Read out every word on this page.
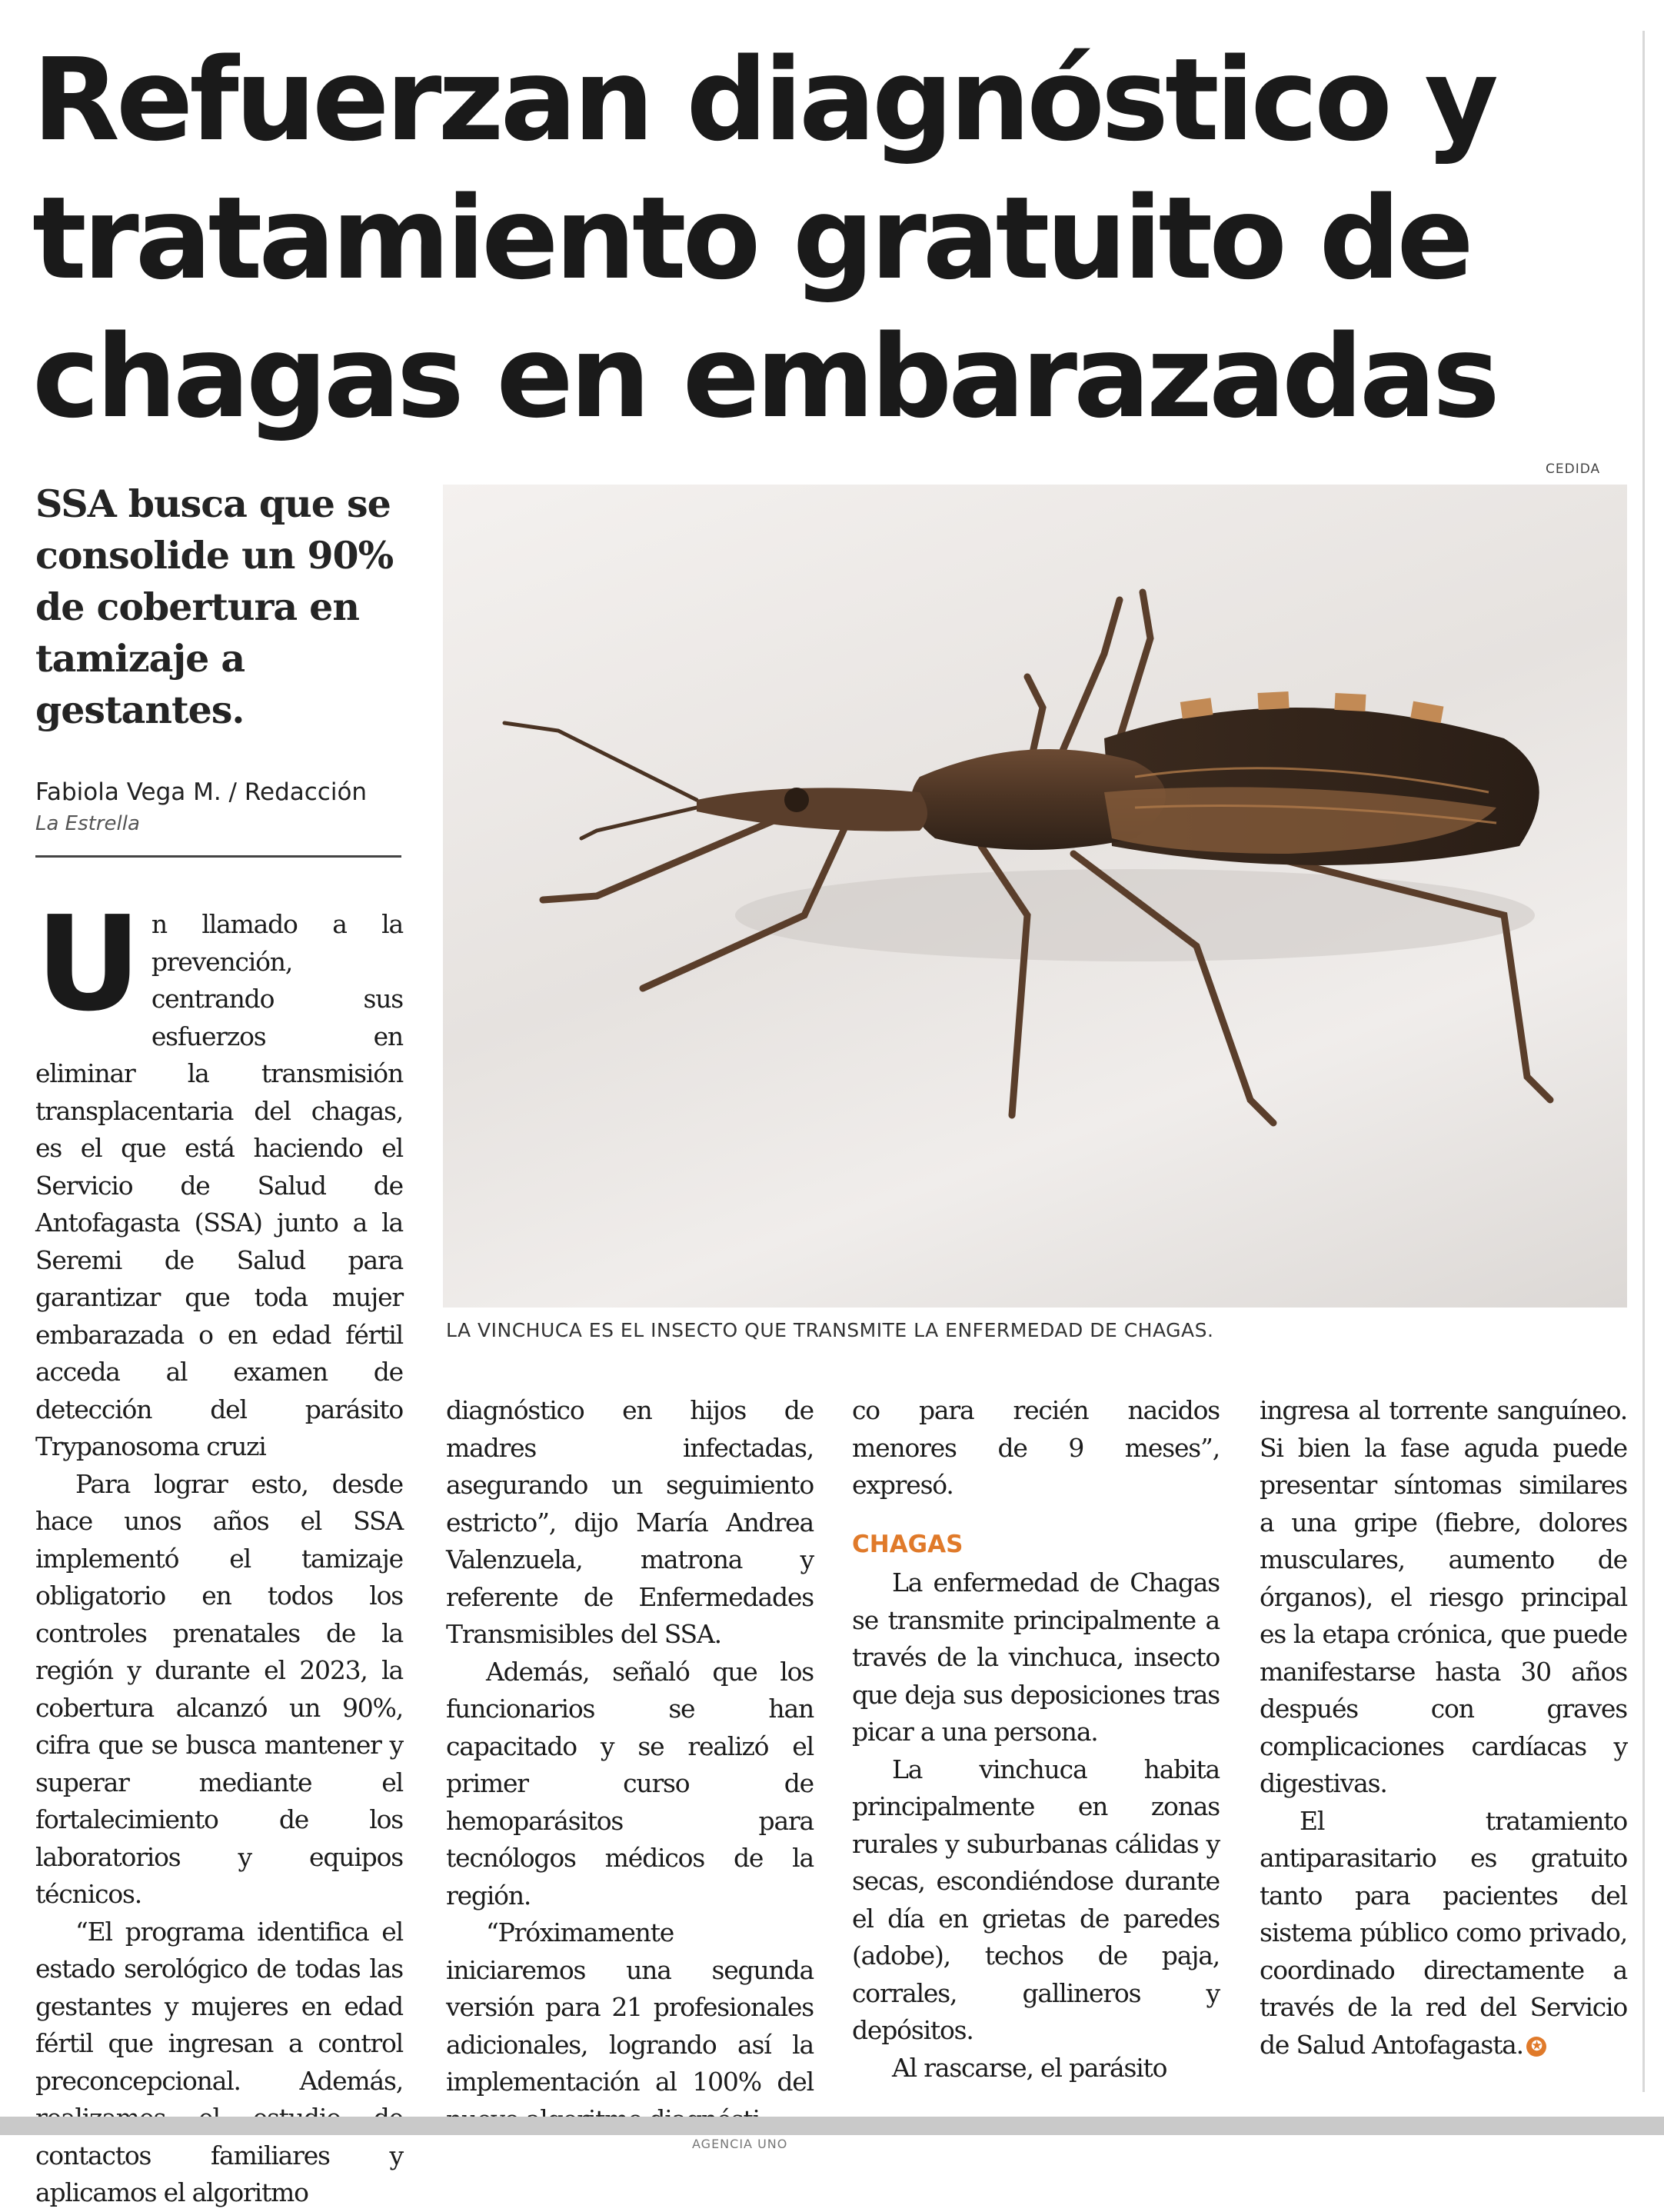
Refuerzan diagnóstico y
tratamiento gratuito de
chagas en embarazadas
CEDIDA
LA VINCHUCA ES EL INSECTO QUE TRANSMITE LA ENFERMEDAD DE CHAGAS.
SSA busca que se consolide un 90% de cobertura en tamizaje a gestantes.
Fabiola Vega M. / Redacción
La Estrella

Un llamado a la prevención, centrando sus esfuerzos en eliminar la transmisión transplacentaria del chagas, es el que está haciendo el Servicio de Salud de Antofagasta (SSA) junto a la Seremi de Salud para garantizar que toda mujer embarazada o en edad fértil acceda al examen de detección del parásito Trypanosoma cruzi

Para lograr esto, desde hace unos años el SSA implementó el tamizaje obligatorio en todos los controles prenatales de la región y durante el 2023, la cobertura alcanzó un 90%, cifra que se busca mantener y superar mediante el fortalecimiento de los laboratorios y equipos técnicos.

“El programa identifica el estado serológico de todas las gestantes y mujeres en edad fértil que ingresan a control preconcepcional. Además, contactos familiares y aplicamos el algoritmo

diagnóstico en hijos de madres infectadas, asegurando un seguimiento estricto”, dijo María Andrea Valenzuela, matrona y referente de Enfermedades Transmisibles del SSA.

Además, señaló que los funcionarios se han capacitado y se realizó el primer curso de hemoparásitos para tecnólogos médicos de la región.

“Próximamente iniciaremos una segunda versión para 21 profesionales adicionales, logrando así la implementación al 100% del

co para recién nacidos menores de 9 meses”, expresó.

CHAGAS

La enfermedad de Chagas se transmite principalmente a través de la vinchuca, insecto que deja sus deposiciones tras picar a una persona.

La vinchuca habita principalmente en zonas rurales y suburbanas cálidas y secas, escondiéndose durante el día en grietas de paredes (adobe), techos de paja, corrales, gallineros y depósitos.

Al rascarse, el parásito

ingresa al torrente sanguíneo. Si bien la fase aguda puede presentar síntomas similares a una gripe (fiebre, dolores musculares, aumento de órganos), el riesgo principal es la etapa crónica, que puede manifestarse hasta 30 años después con graves complicaciones cardíacas y digestivas.

El tratamiento antiparasitario es gratuito tanto para pacientes del sistema público como privado, coordinado directamente a través de la red del Servicio de Salud Antofagasta. ✪

AGENCIA UNO
